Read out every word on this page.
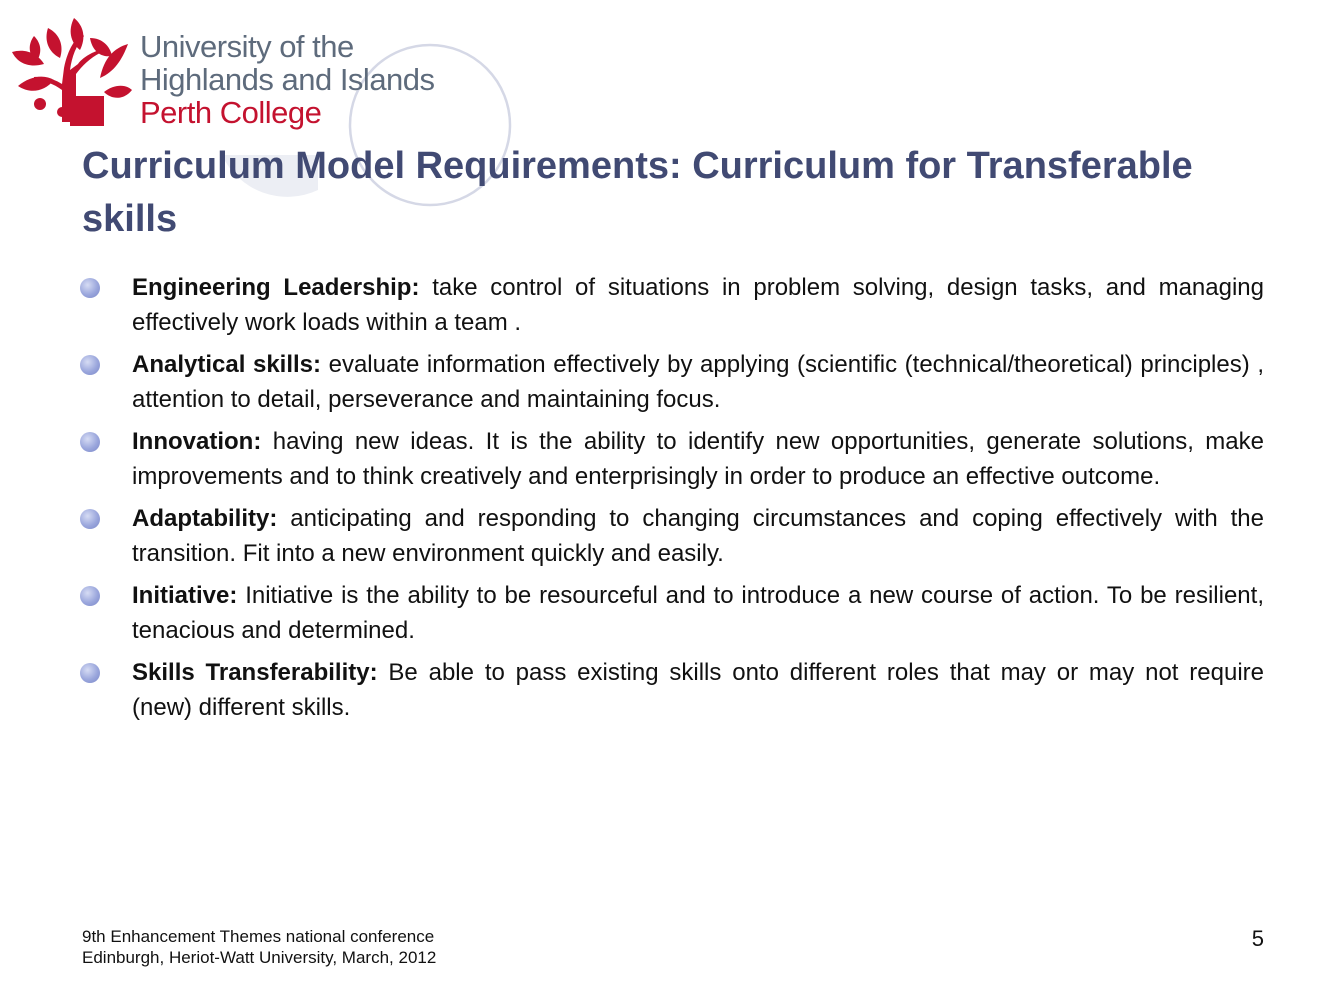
University of the
Highlands and Islands
Perth College
Curriculum Model Requirements: Curriculum for Transferable skills
Engineering Leadership: take control of situations in problem solving, design tasks, and managing effectively work loads within a team .
Analytical skills: evaluate information effectively by applying (scientific (technical/theoretical) principles) , attention to detail, perseverance and maintaining focus.
Innovation: having new ideas. It is the ability to identify new opportunities, generate solutions, make improvements and to think creatively and enterprisingly in order to produce an effective outcome.
Adaptability: anticipating and responding to changing circumstances and coping effectively with the transition. Fit into a new environment quickly and easily.
Initiative: Initiative is the ability to be resourceful and to introduce a new course of action. To be resilient, tenacious and determined.
Skills Transferability: Be able to pass existing skills onto different roles that may or may not require (new) different skills.
9th Enhancement Themes national conference
Edinburgh, Heriot-Watt University, March, 2012
5
